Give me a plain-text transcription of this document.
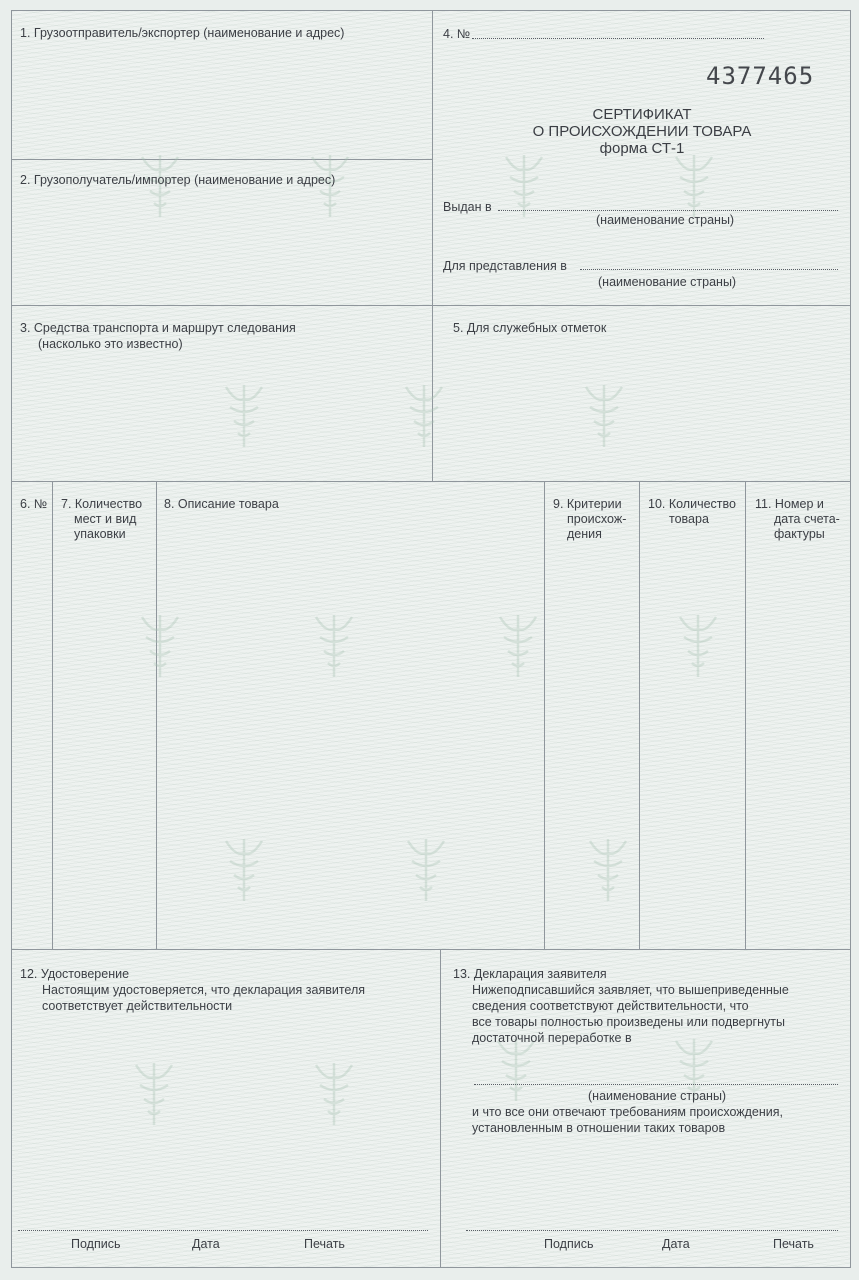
1. Грузоотправитель/экспортер (наименование и адрес)
2. Грузополучатель/импортер (наименование и адрес)
3. Средства транспорта и маршрут следования
(насколько это известно)
4. №
4377465
СЕРТИФИКАТ
О ПРОИСХОЖДЕНИИ ТОВАРА
форма СТ-1
Выдан в
(наименование страны)
Для представления в
(наименование страны)
5. Для служебных отметок
6. № 7. Количество
мест и вид
упаковки
8. Описание товара	9. Критерии
происхож-
дения
10. Количество
товара
11. Номер и
дата счета-
фактуры
12. Удостоверение
Настоящим удостоверяется, что декларация заявителя
соответствует действительности
Подпись	Дата	Печать
13. Декларация заявителя
Нижеподписавшийся заявляет, что вышеприведенные
сведения соответствуют действительности, что
все товары полностью произведены или подвергнуты
достаточной переработке в
(наименование страны)
и что все они отвечают требованиям происхождения,
установленным в отношении таких товаров
Подпись	Дата	Печать
